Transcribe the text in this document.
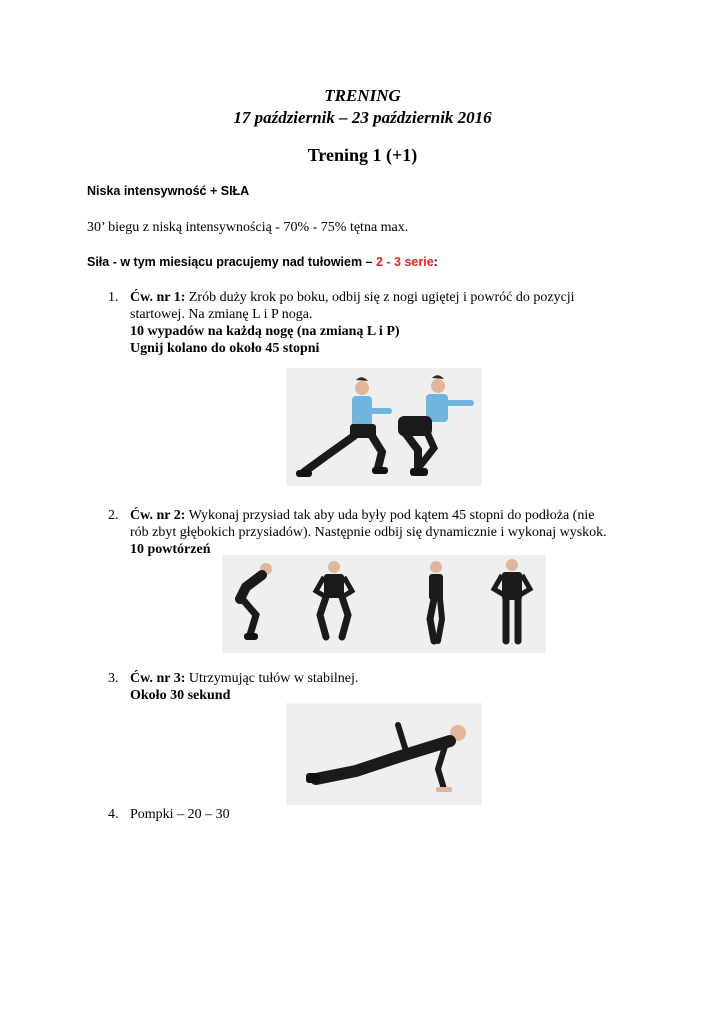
TRENING
17 październik – 23 październik 2016
Trening 1 (+1)
Niska intensywność + SIŁA
30’ biegu z niską intensywnością - 70% - 75% tętna max.
Siła - w tym miesiącu pracujemy nad tułowiem – 2 - 3 serie:
1. Ćw. nr 1: Zrób duży krok po boku, odbij się z nogi ugiętej i powróć do pozycji
startowej. Na zmianę L i P noga.
10 wypadów na każdą nogę (na zmianą L i P)
Ugnij kolano do około 45 stopni
2. Ćw. nr 2: Wykonaj przysiad tak aby uda były pod kątem 45 stopni do podłoża (nie
rób zbyt głębokich przysiadów). Następnie odbij się dynamicznie i wykonaj wyskok.
10 powtórzeń
3. Ćw. nr 3: Utrzymując tułów w stabilnej.
Około 30 sekund
4. Pompki – 20 – 30
